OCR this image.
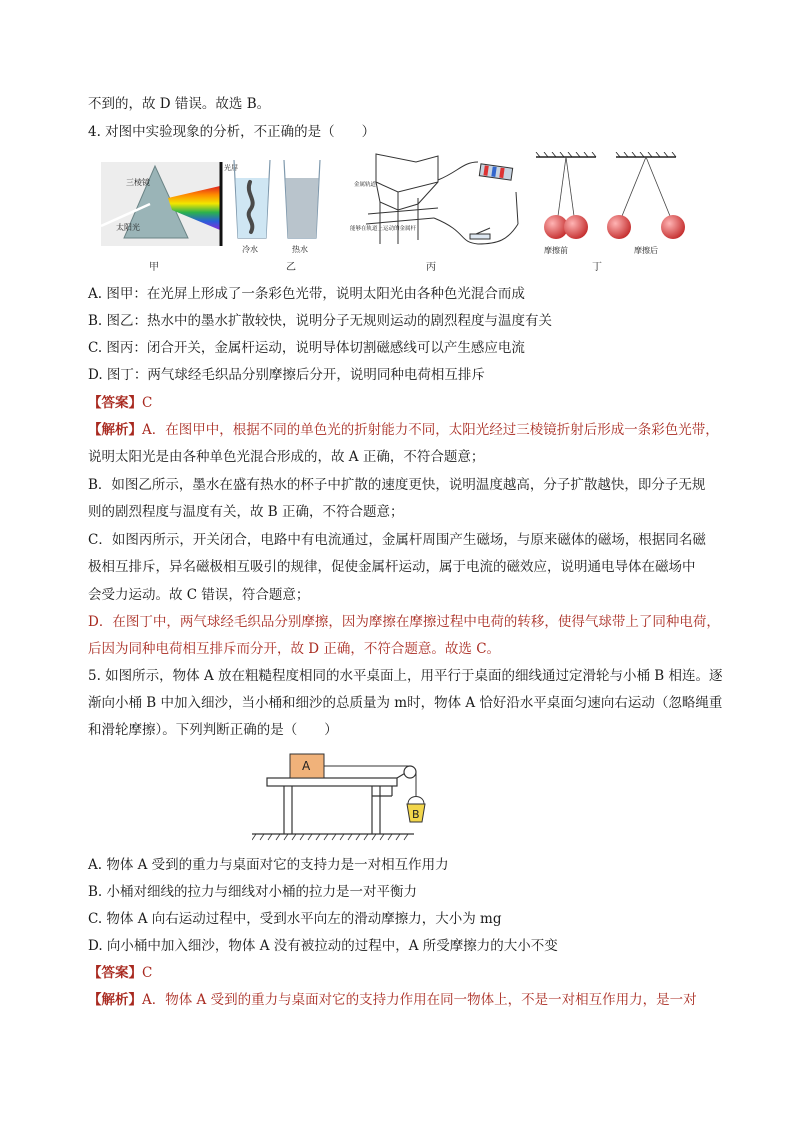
不到的，故 D 错误。故选 B。
4. 对图中实验现象的分析，不正确的是（　　）
三棱镜
太阳光
光屏
甲
冷水	热水
乙
金属轨道
能够在轨道上运动的金属杆
丙
摩擦前	摩擦后
丁
A. 图甲：在光屏上形成了一条彩色光带，说明太阳光由各种色光混合而成
B. 图乙：热水中的墨水扩散较快，说明分子无规则运动的剧烈程度与温度有关
C. 图丙：闭合开关，金属杆运动，说明导体切割磁感线可以产生感应电流
D. 图丁：两气球经毛织品分别摩擦后分开，说明同种电荷相互排斥
【答案】C
【解析】A．在图甲中，根据不同的单色光的折射能力不同，太阳光经过三棱镜折射后形成一条彩色光带，
说明太阳光是由各种单色光混合形成的，故 A 正确，不符合题意；
B．如图乙所示，墨水在盛有热水的杯子中扩散的速度更快，说明温度越高，分子扩散越快，即分子无规
则的剧烈程度与温度有关，故 B 正确，不符合题意；
C．如图丙所示，开关闭合，电路中有电流通过，金属杆周围产生磁场，与原来磁体的磁场，根据同名磁
极相互排斥，异名磁极相互吸引的规律，促使金属杆运动，属于电流的磁效应，说明通电导体在磁场中
会受力运动。故 C 错误，符合题意；
D．在图丁中，两气球经毛织品分别摩擦，因为摩擦在摩擦过程中电荷的转移，使得气球带上了同种电荷，
后因为同种电荷相互排斥而分开，故 D 正确，不符合题意。故选 C。
5. 如图所示，物体 A 放在粗糙程度相同的水平桌面上，用平行于桌面的细线通过定滑轮与小桶 B 相连。逐
渐向小桶 B 中加入细沙，当小桶和细沙的总质量为 m时，物体 A 恰好沿水平桌面匀速向右运动（忽略绳重
和滑轮摩擦）。下列判断正确的是（　　）
A
B
A. 物体 A 受到的重力与桌面对它的支持力是一对相互作用力
B. 小桶对细线的拉力与细线对小桶的拉力是一对平衡力
C. 物体 A 向右运动过程中，受到水平向左的滑动摩擦力，大小为 mg
D. 向小桶中加入细沙，物体 A 没有被拉动的过程中，A 所受摩擦力的大小不变
【答案】C
【解析】A．物体 A 受到的重力与桌面对它的支持力作用在同一物体上，不是一对相互作用力，是一对
